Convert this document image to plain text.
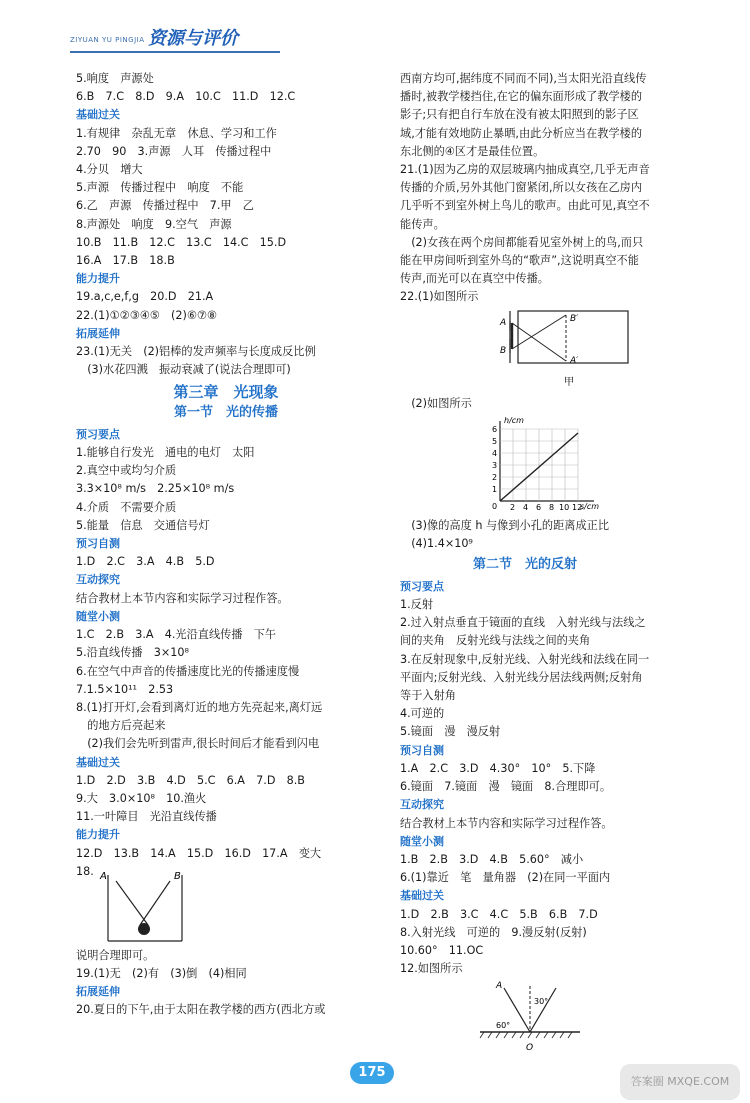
ZIYUAN YU PINGJIA 资源与评价
5.响度　声源处
6.B　7.C　8.D　9.A　10.C　11.D　12.C
基础过关
1.有规律　杂乱无章　休息、学习和工作
2.70　90　3.声源　人耳　传播过程中
4.分贝　增大
5.声源　传播过程中　响度　不能
6.乙　声源　传播过程中　7.甲　乙
8.声源处　响度　9.空气　声源
10.B　11.B　12.C　13.C　14.C　15.D
16.A　17.B　18.B
能力提升
19.a,c,e,f,g　20.D　21.A
22.(1)①②③④⑤　(2)⑥⑦⑧
拓展延伸
23.(1)无关　(2)铝棒的发声频率与长度成反比例
　(3)水花四溅　振动衰减了(说法合理即可)
第三章　光现象
第一节　光的传播
预习要点
1.能够自行发光　通电的电灯　太阳
2.真空中或均匀介质
3.3×10⁸ m/s　2.25×10⁸ m/s
4.介质　不需要介质
5.能量　信息　交通信号灯
预习自测
1.D　2.C　3.A　4.B　5.D
互动探究
结合教材上本节内容和实际学习过程作答。
随堂小测
1.C　2.B　3.A　4.光沿直线传播　下午
5.沿直线传播　3×10⁸
6.在空气中声音的传播速度比光的传播速度慢
7.1.5×10¹¹　2.53
8.(1)打开灯,会看到离灯近的地方先亮起来,离灯远
　的地方后亮起来
　(2)我们会先听到雷声,很长时间后才能看到闪电
基础过关
1.D　2.D　3.B　4.D　5.C　6.A　7.D　8.B
9.大　3.0×10⁸　10.渔火
11.一叶障目　光沿直线传播
能力提升
12.D　13.B　14.A　15.D　16.D　17.A　变大
18. A	B
说明合理即可。
19.(1)无　(2)有　(3)倒　(4)相同
拓展延伸
20.夏日的下午,由于太阳在教学楼的西方(西北方或
西南方均可,据纬度不同而不同),当太阳光沿直线传播时,被教学楼挡住,在它的偏东面形成了教学楼的影子;只有把自行车放在没有被太阳照到的影子区域,才能有效地防止暴晒,由此分析应当在教学楼的东北侧的④区才是最佳位置。
21.(1)因为乙房的双层玻璃内抽成真空,几乎无声音传播的介质,另外其他门窗紧闭,所以女孩在乙房内几乎听不到室外树上鸟儿的歌声。由此可见,真空不能传声。
　(2)女孩在两个房间都能看见室外树上的鸟,而只能在甲房间听到室外鸟的“歌声”,这说明真空不能传声,而光可以在真空中传播。
22.(1)如图所示
A
B
B′
A′
甲
　(2)如图所示
h/cm
s/cm
0 2 4 6 8 10 12
1
2
3
4
5
6
　(3)像的高度 h 与像到小孔的距离成正比
　(4)1.4×10⁹
第二节　光的反射
预习要点
1.反射
2.过入射点垂直于镜面的直线　入射光线与法线之间的夹角　反射光线与法线之间的夹角
3.在反射现象中,反射光线、入射光线和法线在同一平面内;反射光线、入射光线分居法线两侧;反射角等于入射角
4.可逆的
5.镜面　漫　漫反射
预习自测
1.A　2.C　3.D　4.30°　10°　5.下降
6.镜面　7.镜面　漫　镜面　8.合理即可。
互动探究
结合教材上本节内容和实际学习过程作答。
随堂小测
1.B　2.B　3.D　4.B　5.60°　减小
6.(1)靠近　笔　量角器　(2)在同一平面内
基础过关
1.D　2.B　3.C　4.C　5.B　6.B　7.D
8.入射光线　可逆的　9.漫反射(反射)
10.60°　11.OC
12.如图所示
A
30°
60°
O
175
答案圈 MXQE.COM
